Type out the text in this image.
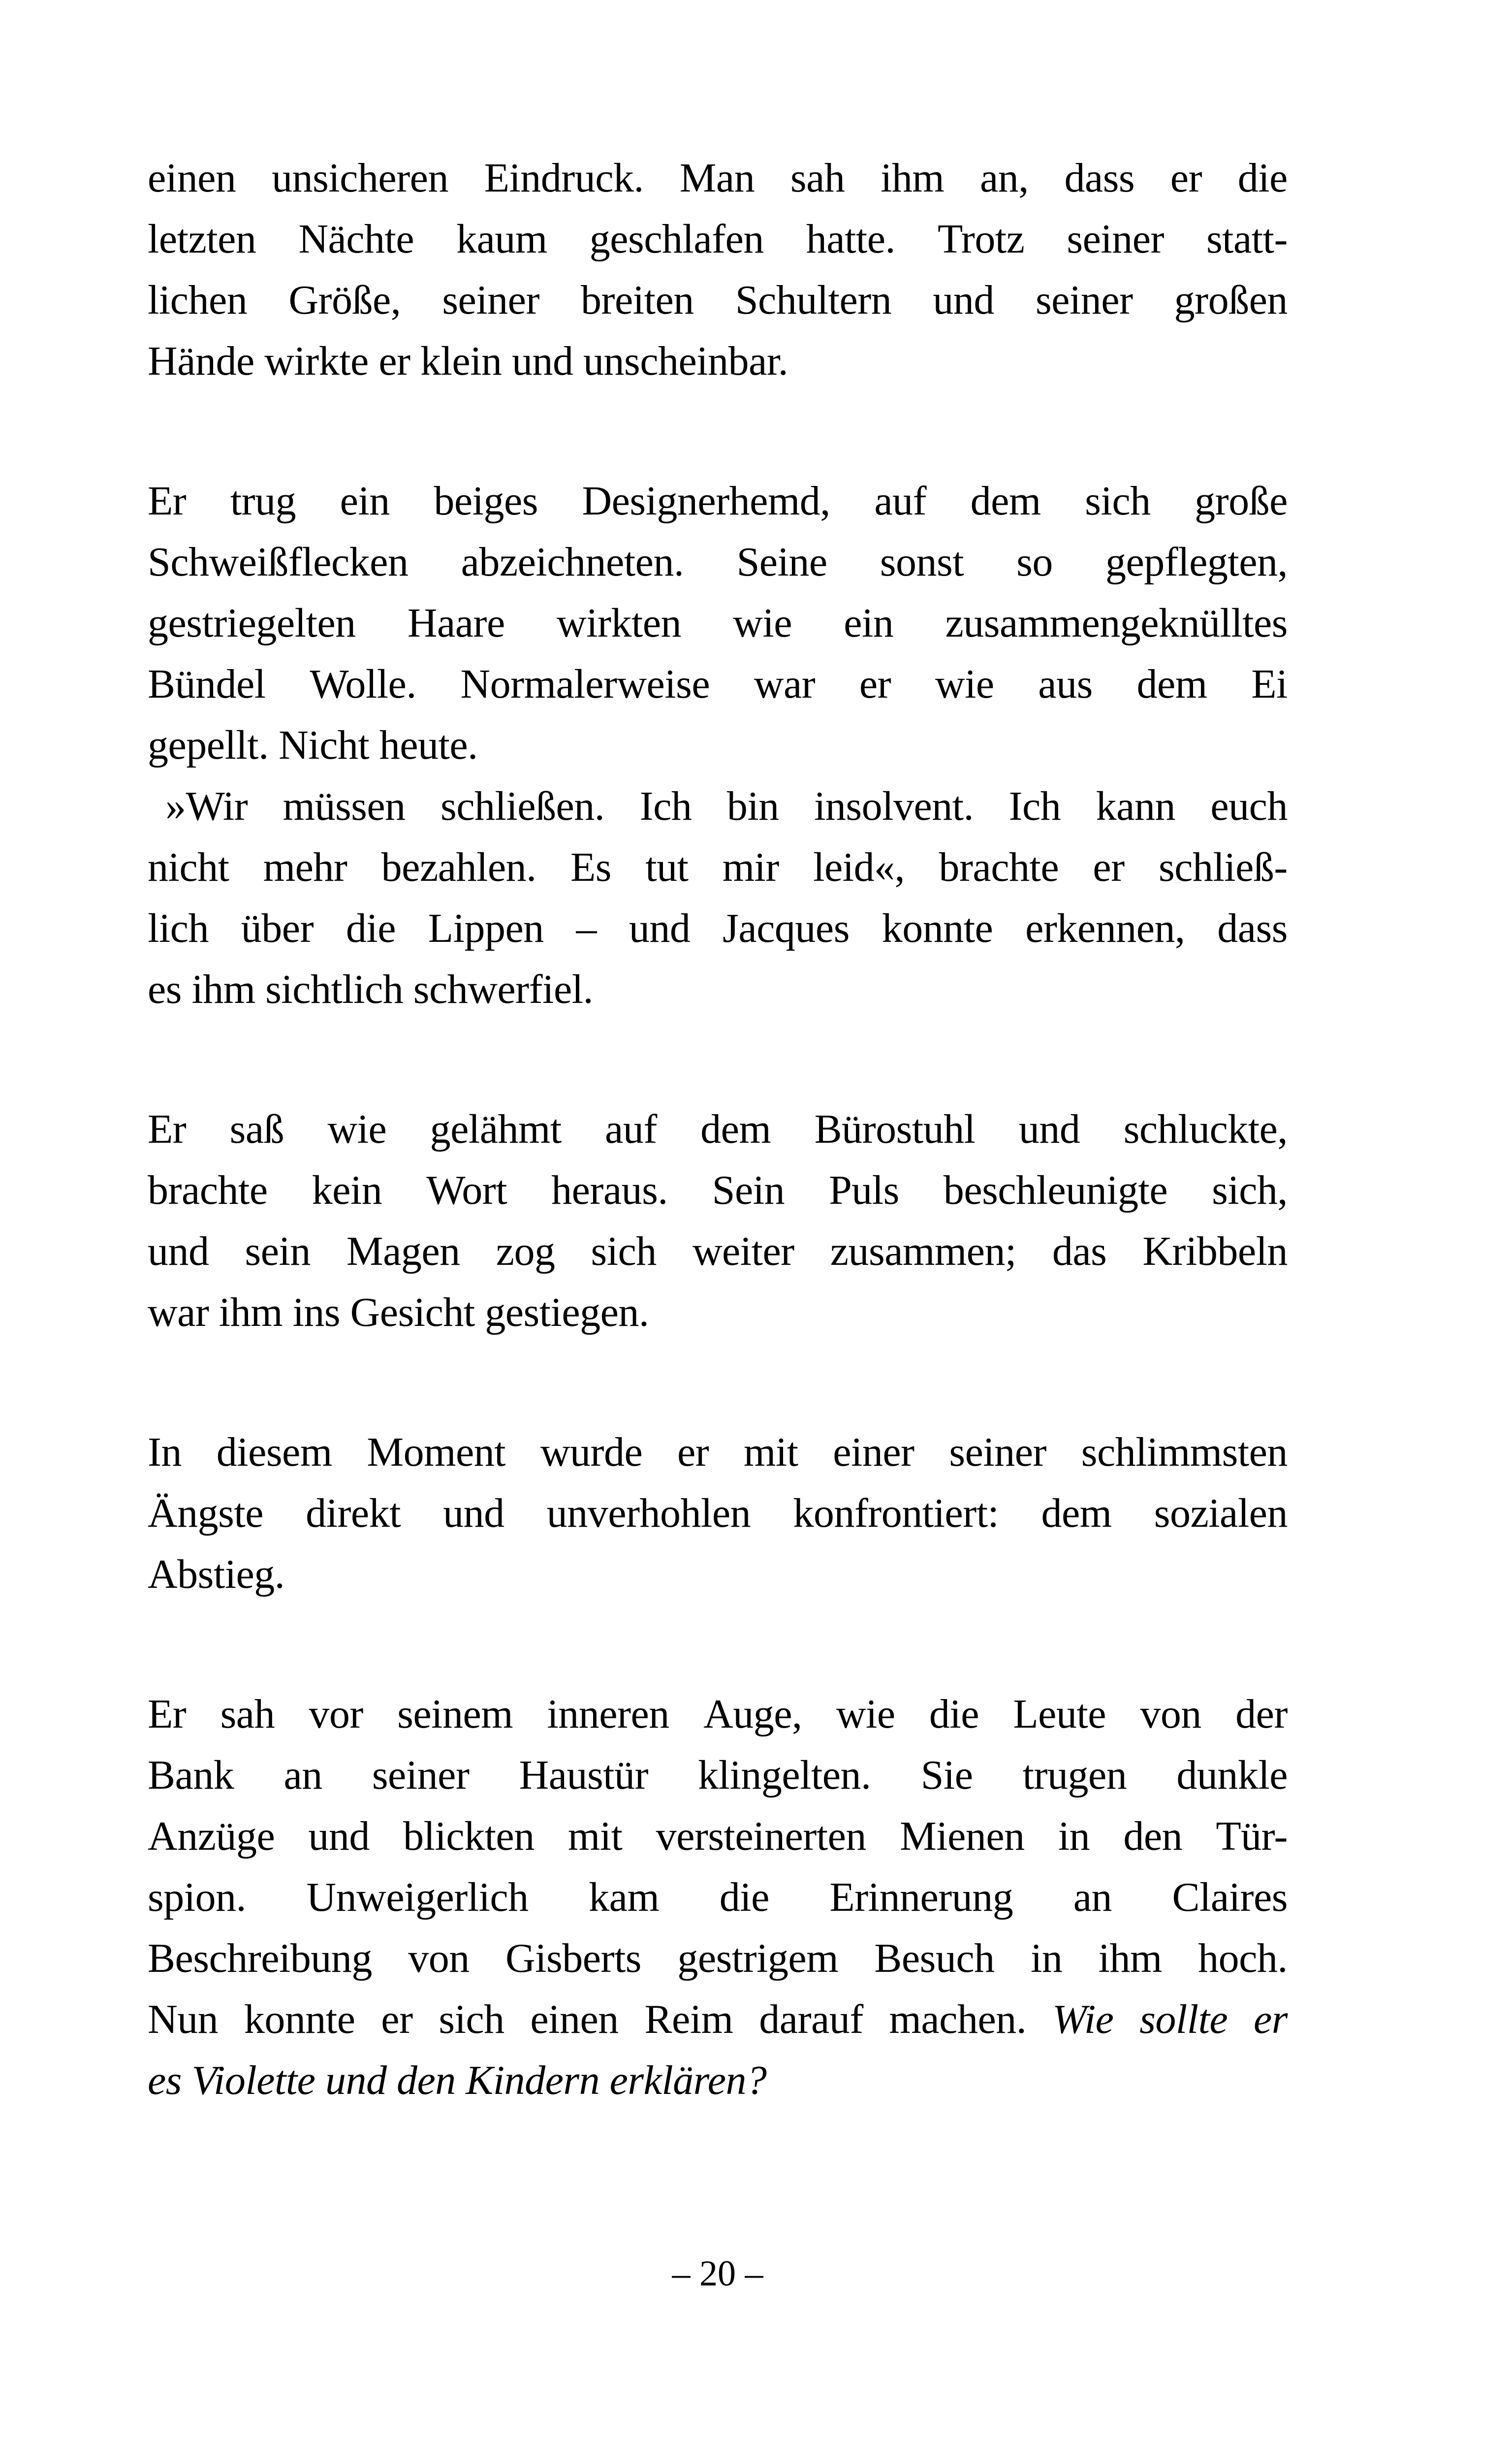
einen unsicheren Eindruck. Man sah ihm an, dass er die
letzten Nächte kaum geschlafen hatte. Trotz seiner statt-
lichen Größe, seiner breiten Schultern und seiner großen
Hände wirkte er klein und unscheinbar.
Er trug ein beiges Designerhemd, auf dem sich große
Schweißflecken abzeichneten. Seine sonst so gepflegten,
gestriegelten Haare wirkten wie ein zusammengeknülltes
Bündel Wolle. Normalerweise war er wie aus dem Ei
gepellt. Nicht heute.
»Wir müssen schließen. Ich bin insolvent. Ich kann euch
nicht mehr bezahlen. Es tut mir leid«, brachte er schließ-
lich über die Lippen – und Jacques konnte erkennen, dass
es ihm sichtlich schwerfiel.
Er saß wie gelähmt auf dem Bürostuhl und schluckte,
brachte kein Wort heraus. Sein Puls beschleunigte sich,
und sein Magen zog sich weiter zusammen; das Kribbeln
war ihm ins Gesicht gestiegen.
In diesem Moment wurde er mit einer seiner schlimmsten
Ängste direkt und unverhohlen konfrontiert: dem sozialen
Abstieg.
Er sah vor seinem inneren Auge, wie die Leute von der
Bank an seiner Haustür klingelten. Sie trugen dunkle
Anzüge und blickten mit versteinerten Mienen in den Tür-
spion. Unweigerlich kam die Erinnerung an Claires
Beschreibung von Gisberts gestrigem Besuch in ihm hoch.
Nun konnte er sich einen Reim darauf machen. Wie sollte er
es Violette und den Kindern erklären?
– 20 –
